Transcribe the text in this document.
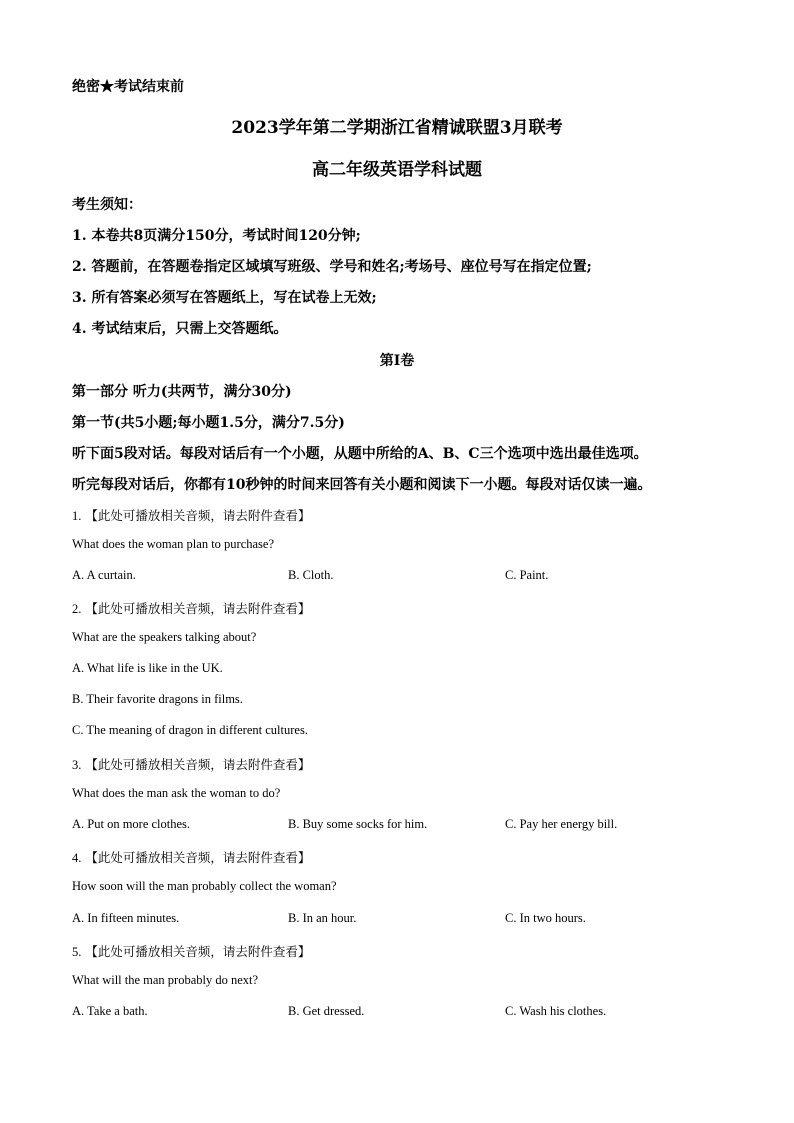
绝密★考试结束前
2023学年第二学期浙江省精诚联盟3月联考
高二年级英语学科试题
考生须知：
1. 本卷共8页满分150分，考试时间120分钟;
2. 答题前，在答题卷指定区域填写班级、学号和姓名;考场号、座位号写在指定位置;
3. 所有答案必须写在答题纸上，写在试卷上无效;
4. 考试结束后，只需上交答题纸。
第I卷
第一部分 听力(共两节，满分30分)
第一节(共5小题;每小题1.5分，满分7.5分)
听下面5段对话。每段对话后有一个小题，从题中所给的A、B、C三个选项中选出最佳选项。
听完每段对话后，你都有10秒钟的时间来回答有关小题和阅读下一小题。每段对话仅读一遍。
1. 【此处可播放相关音频，请去附件查看】
What does the woman plan to purchase?
A. A curtain.	B. Cloth.	C. Paint.
2. 【此处可播放相关音频，请去附件查看】
What are the speakers talking about?
A. What life is like in the UK.
B. Their favorite dragons in films.
C. The meaning of dragon in different cultures.
3. 【此处可播放相关音频，请去附件查看】
What does the man ask the woman to do?
A. Put on more clothes.	B. Buy some socks for him.	C. Pay her energy bill.
4. 【此处可播放相关音频，请去附件查看】
How soon will the man probably collect the woman?
A. In fifteen minutes.	B. In an hour.	C. In two hours.
5. 【此处可播放相关音频，请去附件查看】
What will the man probably do next?
A. Take a bath.	B. Get dressed.	C. Wash his clothes.
